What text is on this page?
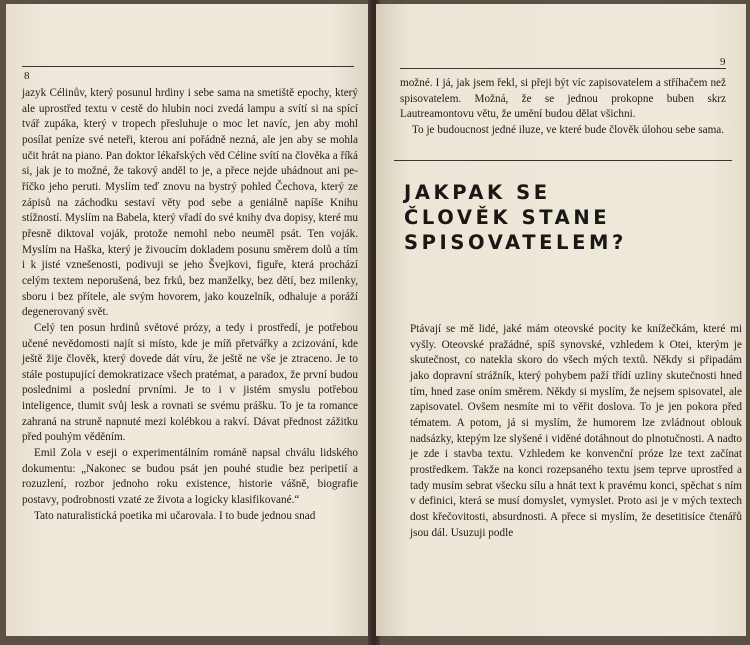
8

jazyk Célinův, který posunul hrdiny i sebe sama na smetiště epochy, který ale uprostřed textu v cestě do hlubin noci zvedá lampu a svítí si na spící tvář zupáka, který v tropech přesluhuje o moc let navíc, jen aby mohl posílat peníze své neteři, kterou ani pořádně nezná, ale jen aby se mohla učit hrát na piano. Pan doktor lékařských věd Céline svítí na člověka a říká si, jak je to možné, že takový anděl to je, a přece nejde uhádnout ani peříčko jeho peruti. Myslím teď znovu na bystrý pohled Čechova, který ze zápisů na záchodku sestaví věty pod sebe a geniálně napíše Knihu stížností. Myslím na Babela, který vřadí do své knihy dva dopisy, které mu přesně diktoval voják, protože nemohl nebo neuměl psát. Ten voják. Myslím na Haška, který je živoucím dokladem posunu směrem dolů a tím i k jisté vznešenosti, podivuji se jeho Švejkovi, figuře, která prochází celým textem neporušená, bez frků, bez manželky, bez dětí, bez milenky, sboru i bez přítele, ale svým hovorem, jako kouzelník, odhaluje a poráží degenerovaný svět.

Celý ten posun hrdinů světové prózy, a tedy i prostředí, je potřebou učené nevědomosti najít si místo, kde je míň přetvářky a zcizování, kde ještě žije člověk, který dovede dát víru, že ještě ne vše je ztraceno. Je to stále postupující demokratizace všech pratémat, a paradox, že první budou poslednimi a poslední prvními. Je to i v jistém smyslu potřebou inteligence, tlumit svůj lesk a rovnati se svému prášku. To je ta romance zahraná na struně napnuté mezi kolébkou a rakví. Dávat přednost zážitku před pouhým věděním.

Emil Zola v eseji o experimentálním románě napsal chválu lidského dokumentu: „Nakonec se budou psát jen pouhé studie bez peripetií a rozuzlení, rozbor jednoho roku existence, historie vášně, biografie postavy, podrobnosti vzaté ze života a logicky klasifikované.“

Tato naturalistická poetika mi učarovala. I to bude jednou snad

9

možné. I já, jak jsem řekl, si přeji být víc zapisovatelem a stříhačem než spisovatelem. Možná, že se jednou prokopne buben skrz Lautreamontovu větu, že umění budou dělat všichni.

To je budoucnost jedné iluze, ve které bude člověk úlohou sebe sama.

JAKPAK SE
ČLOVĚK STANE
SPISOVATELEM?

Ptávají se mě lidé, jaké mám oteovské pocity ke knížečkám, které mi vyšly. Oteovské pražádné, spíš synovské, vzhledem k Otei, kterým je skutečnost, co natekla skoro do všech mých textů. Někdy si připadám jako dopravní strážník, který pohybem paží třídí uzliny skutečnosti hned tím, hned zase oním směrem. Někdy si myslím, že nejsem spisovatel, ale zapisovatel. Ovšem nesmíte mi to věřit doslova. To je jen pokora před tématem. A potom, já si myslím, že humorem lze zvládnout oblouk nadsázky, ktepým lze slyšené i viděné dotáhnout do plnotučnosti. A nadto je zde i stavba textu. Vzhledem ke konvenční próze lze text začínat prostředkem. Takže na konci rozepsaného textu jsem teprve uprostřed a tady musím sebrat všecku sílu a hnát text k pravému konci, spěchat s ním v definici, která se musí domyslet, vymyslet. Proto asi je v mých textech dost křečovitosti, absurdnosti. A přece si myslím, že desetitisíce čtenářů jsou dál. Usuzuji podle
